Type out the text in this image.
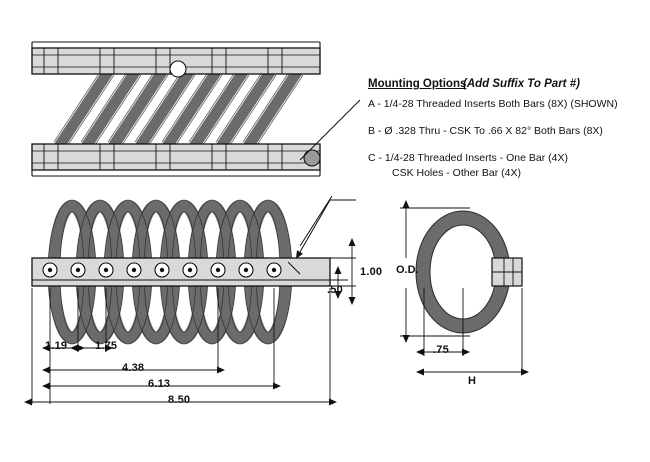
Mounting Options
(Add Suffix To Part #)
A - 1/4-28 Threaded Inserts Both Bars (8X) (SHOWN)
B - Ø .328 Thru - CSK To .66 X 82° Both Bars (8X)
C - 1/4-28 Threaded Inserts - One Bar (4X)
CSK Holes - Other Bar (4X)
1.19	1.75
4.38
6.13
8.50
1.00
.50
O.D.
.75
H
